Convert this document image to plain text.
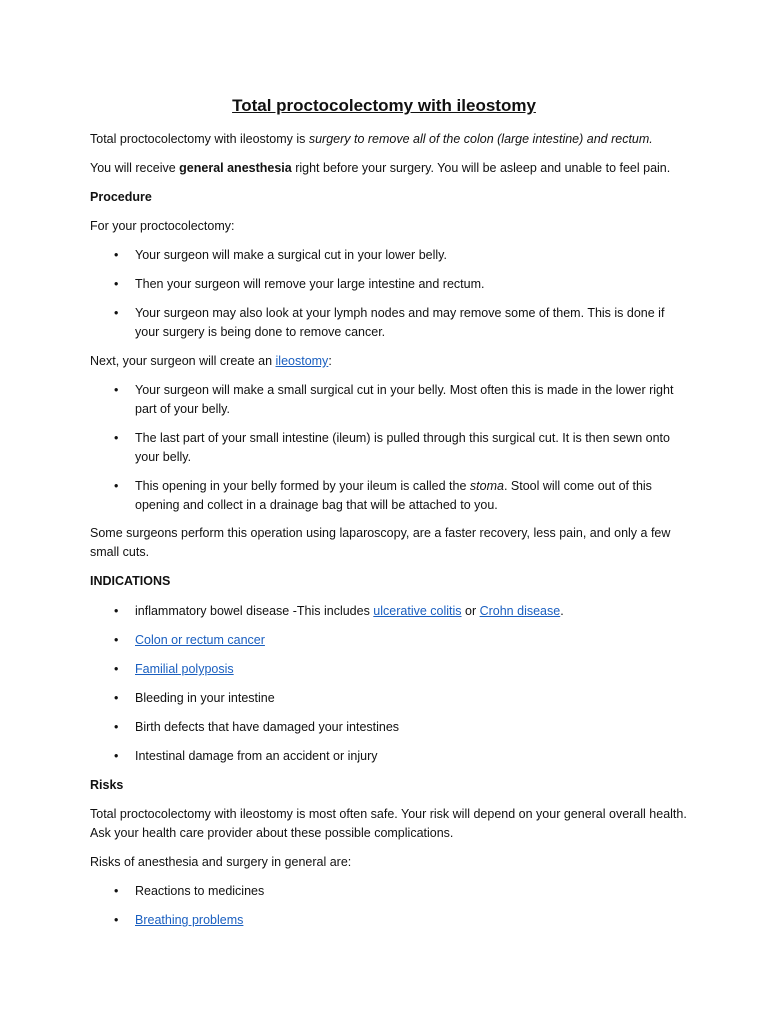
Total proctocolectomy with ileostomy

Total proctocolectomy with ileostomy is surgery to remove all of the colon (large intestine) and rectum.

You will receive general anesthesia right before your surgery. You will be asleep and unable to feel pain.

Procedure

For your proctocolectomy:

•	Your surgeon will make a surgical cut in your lower belly.
•	Then your surgeon will remove your large intestine and rectum.
•	Your surgeon may also look at your lymph nodes and may remove some of them. This is done if your surgery is being done to remove cancer.

Next, your surgeon will create an ileostomy:

•	Your surgeon will make a small surgical cut in your belly. Most often this is made in the lower right part of your belly.
•	The last part of your small intestine (ileum) is pulled through this surgical cut. It is then sewn onto your belly.
•	This opening in your belly formed by your ileum is called the stoma. Stool will come out of this opening and collect in a drainage bag that will be attached to you.

Some surgeons perform this operation using laparoscopy, are a faster recovery, less pain, and only a few small cuts.

INDICATIONS

•	inflammatory bowel disease -This includes ulcerative colitis or Crohn disease.
•	Colon or rectum cancer
•	Familial polyposis
•	Bleeding in your intestine
•	Birth defects that have damaged your intestines
•	Intestinal damage from an accident or injury

Risks

Total proctocolectomy with ileostomy is most often safe. Your risk will depend on your general overall health. Ask your health care provider about these possible complications.

Risks of anesthesia and surgery in general are:

•	Reactions to medicines
•	Breathing problems
